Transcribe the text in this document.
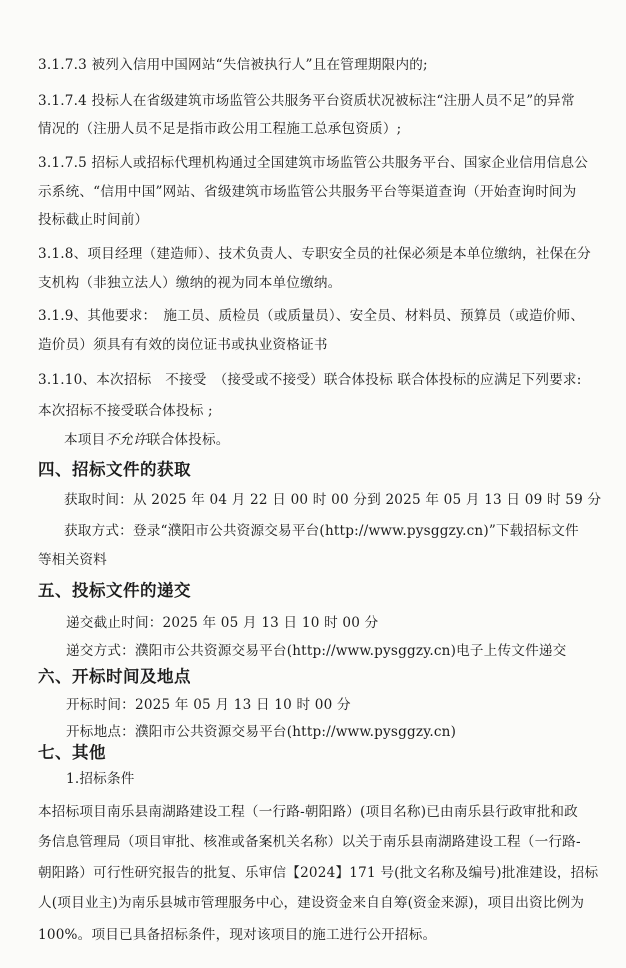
3.1.7.3 被列入信用中国网站“失信被执行人”且在管理期限内的;
3.1.7.4 投标人在省级建筑市场监管公共服务平台资质状况被标注“注册人员不足”的异常
情况的（注册人员不足是指市政公用工程施工总承包资质）;
3.1.7.5 招标人或招标代理机构通过全国建筑市场监管公共服务平台、国家企业信用信息公
示系统、“信用中国”网站、省级建筑市场监管公共服务平台等渠道查询（开始查询时间为
投标截止时间前）
3.1.8、项目经理（建造师）、技术负责人、专职安全员的社保必须是本单位缴纳，社保在分
支机构（非独立法人）缴纳的视为同本单位缴纳。
3.1.9、其他要求：　施工员、质检员（或质量员）、安全员、材料员、预算员（或造价师、
造价员）须具有有效的岗位证书或执业资格证书
3.1.10、本次招标　不接受　（接受或不接受）联合体投标 联合体投标的应满足下列要求:
本次招标不接受联合体投标 ;
本项目不允许联合体投标。
四、招标文件的获取
获取时间：从 2025 年 04 月 22 日 00 时 00 分到 2025 年 05 月 13 日 09 时 59 分
获取方式：登录“濮阳市公共资源交易平台(http://www.pysggzy.cn)”下载招标文件
等相关资料
五、投标文件的递交
递交截止时间：2025 年 05 月 13 日 10 时 00 分
递交方式：濮阳市公共资源交易平台(http://www.pysggzy.cn)电子上传文件递交
六、开标时间及地点
开标时间：2025 年 05 月 13 日 10 时 00 分
开标地点：濮阳市公共资源交易平台(http://www.pysggzy.cn)
七、其他
1.招标条件
本招标项目南乐县南湖路建设工程（一行路-朝阳路）(项目名称)已由南乐县行政审批和政
务信息管理局（项目审批、核准或备案机关名称）以关于南乐县南湖路建设工程（一行路-
朝阳路）可行性研究报告的批复、乐审信【2024】171 号(批文名称及编号)批准建设，招标
人(项目业主)为南乐县城市管理服务中心，建设资金来自自筹(资金来源)，项目出资比例为
100%。项目已具备招标条件，现对该项目的施工进行公开招标。
